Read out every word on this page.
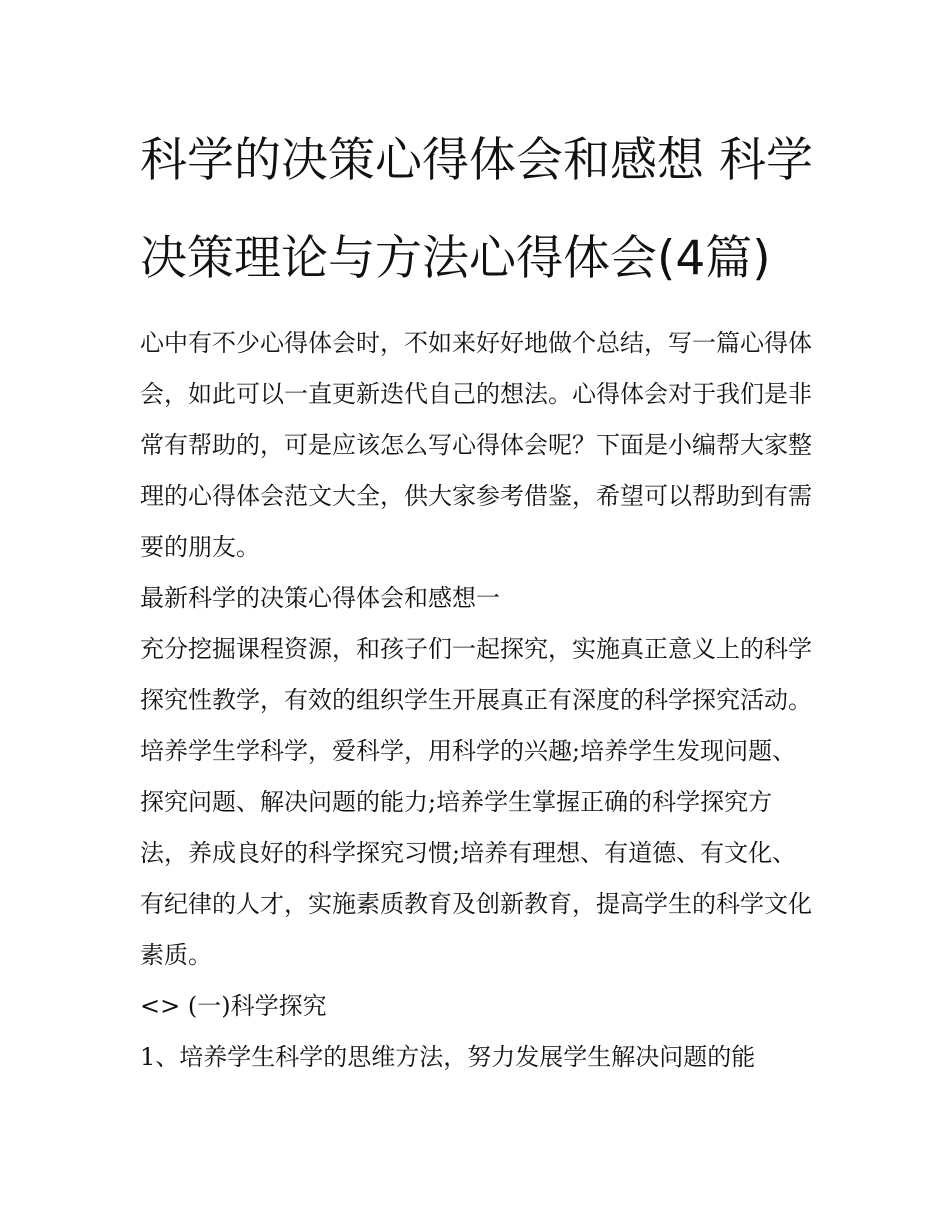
科学的决策心得体会和感想 科学决策理论与方法心得体会(4篇)

心中有不少心得体会时，不如来好好地做个总结，写一篇心得体会，如此可以一直更新迭代自己的想法。心得体会对于我们是非常有帮助的，可是应该怎么写心得体会呢？下面是小编帮大家整理的心得体会范文大全，供大家参考借鉴，希望可以帮助到有需要的朋友。

最新科学的决策心得体会和感想一

充分挖掘课程资源，和孩子们一起探究，实施真正意义上的科学探究性教学，有效的组织学生开展真正有深度的科学探究活动。培养学生学科学，爱科学，用科学的兴趣;培养学生发现问题、探究问题、解决问题的能力;培养学生掌握正确的科学探究方法，养成良好的科学探究习惯;培养有理想、有道德、有文化、有纪律的人才，实施素质教育及创新教育，提高学生的科学文化素质。

<> (一)科学探究

1、培养学生科学的思维方法，努力发展学生解决问题的能
